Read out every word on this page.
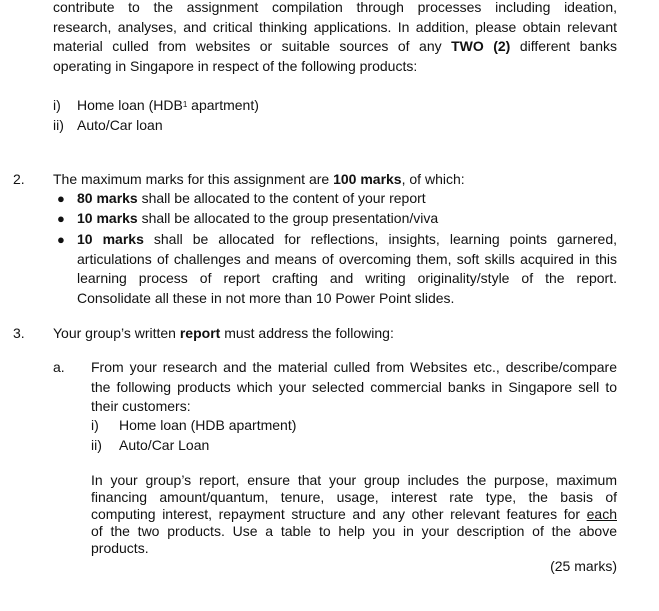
contribute to the assignment compilation through processes including ideation,
research, analyses, and critical thinking applications. In addition, please obtain relevant
material culled from websites or suitable sources of any TWO (2) different banks
operating in Singapore in respect of the following products:
i) Home loan (HDB$^1$ apartment)
ii) Auto/Car loan
2. The maximum marks for this assignment are 100 marks, of which:
● 80 marks shall be allocated to the content of your report
● 10 marks shall be allocated to the group presentation/viva
● 10 marks shall be allocated for reflections, insights, learning points garnered,
articulations of challenges and means of overcoming them, soft skills acquired in this
learning process of report crafting and writing originality/style of the report.
Consolidate all these in not more than 10 Power Point slides.
3. Your group’s written report must address the following:
a. From your research and the material culled from Websites etc., describe/compare
the following products which your selected commercial banks in Singapore sell to
their customers:
i) Home loan (HDB apartment)
ii) Auto/Car Loan
In your group’s report, ensure that your group includes the purpose, maximum
financing amount/quantum, tenure, usage, interest rate type, the basis of
computing interest, repayment structure and any other relevant features for each
of the two products. Use a table to help you in your description of the above
products.
(25 marks)
